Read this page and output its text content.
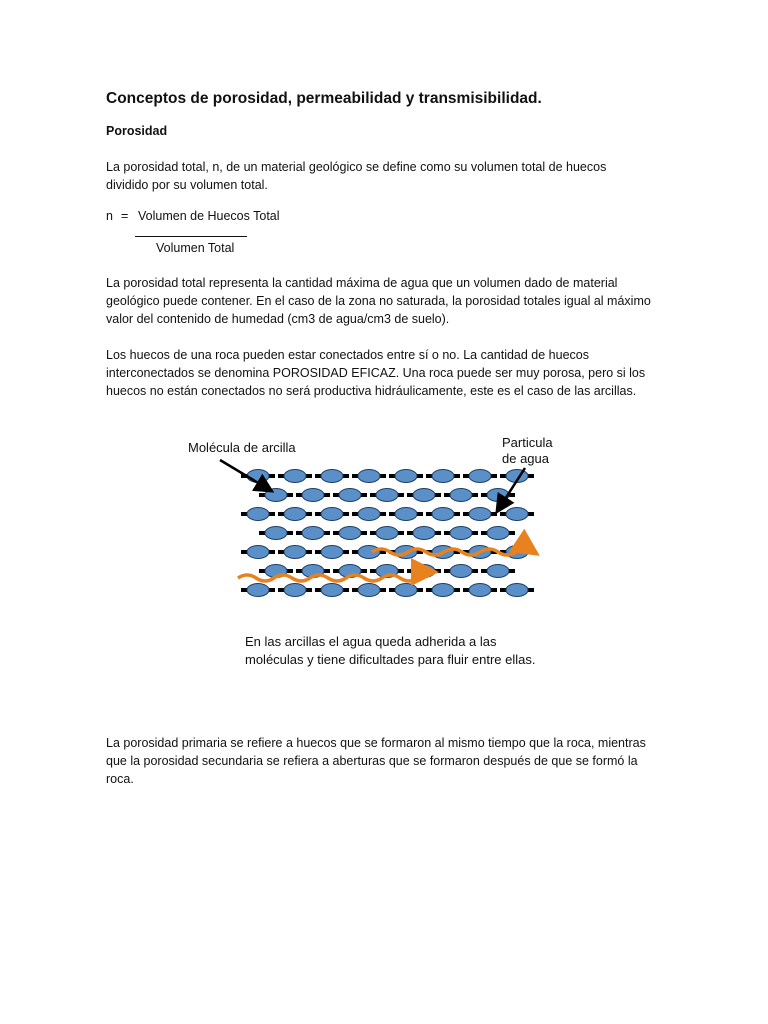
Conceptos de porosidad, permeabilidad y transmisibilidad.
Porosidad

La porosidad total, n, de un material geológico se define como su volumen total de huecos

dividido por su volumen total.

n = Volumen de Huecos Total
Volumen Total

La porosidad total representa la cantidad máxima de agua que un volumen dado de material

geológico puede contener. En el caso de la zona no saturada, la porosidad totales igual al máximo

valor del contenido de humedad (cm3 de agua/cm3 de suelo).

Los huecos de una roca pueden estar conectados entre sí o no. La cantidad de huecos

interconectados se denomina POROSIDAD EFICAZ. Una roca puede ser muy porosa, pero si los

huecos no están conectados no será productiva hidráulicamente, este es el caso de las arcillas.

Molécula de arcilla	Particula
de agua
En las arcillas el agua queda adherida a las
moléculas y tiene dificultades para fluir entre ellas.

La porosidad primaria se refiere a huecos que se formaron al mismo tiempo que la roca, mientras

que la porosidad secundaria se refiera a aberturas que se formaron después de que se formó la

roca.
